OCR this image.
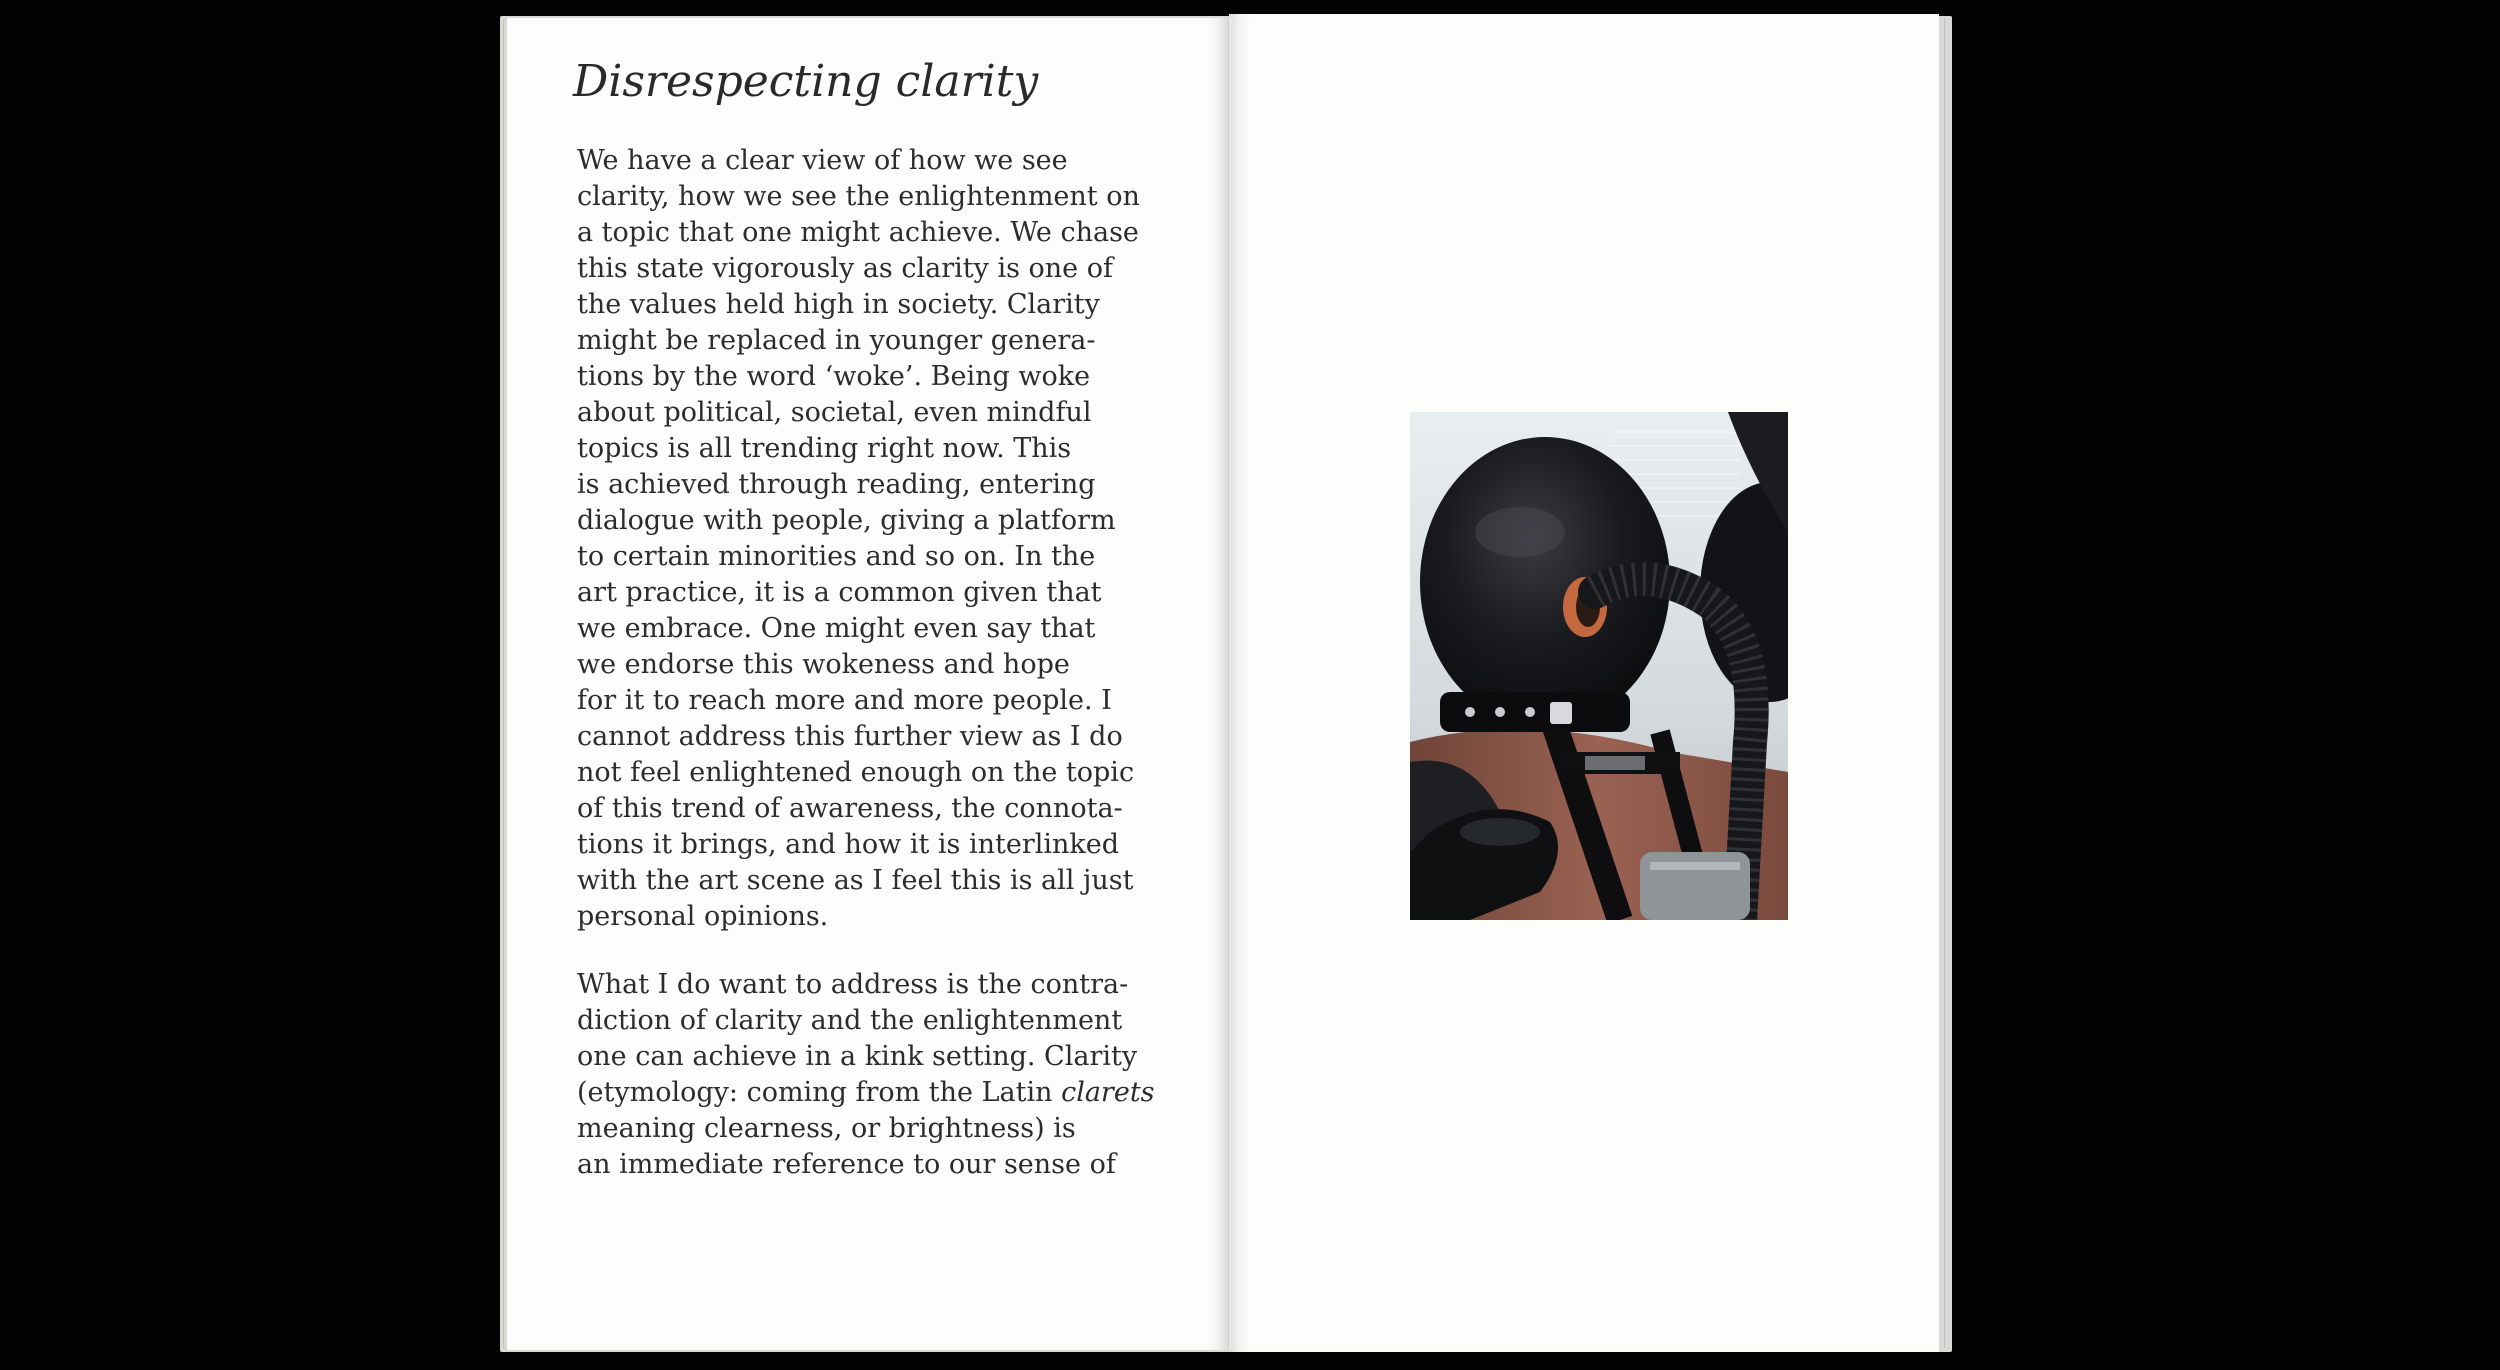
Disrespecting clarity

We have a clear view of how we see
clarity, how we see the enlightenment on
a topic that one might achieve. We chase
this state vigorously as clarity is one of
the values held high in society. Clarity
might be replaced in younger genera-
tions by the word ‘woke’. Being woke
about political, societal, even mindful
topics is all trending right now. This
is achieved through reading, entering
dialogue with people, giving a platform
to certain minorities and so on. In the
art practice, it is a common given that
we embrace. One might even say that
we endorse this wokeness and hope
for it to reach more and more people. I
cannot address this further view as I do
not feel enlightened enough on the topic
of this trend of awareness, the connota-
tions it brings, and how it is interlinked
with the art scene as I feel this is all just
personal opinions.

What I do want to address is the contra-
diction of clarity and the enlightenment
one can achieve in a kink setting. Clarity
(etymology: coming from the Latin clarets
meaning clearness, or brightness) is
an immediate reference to our sense of
